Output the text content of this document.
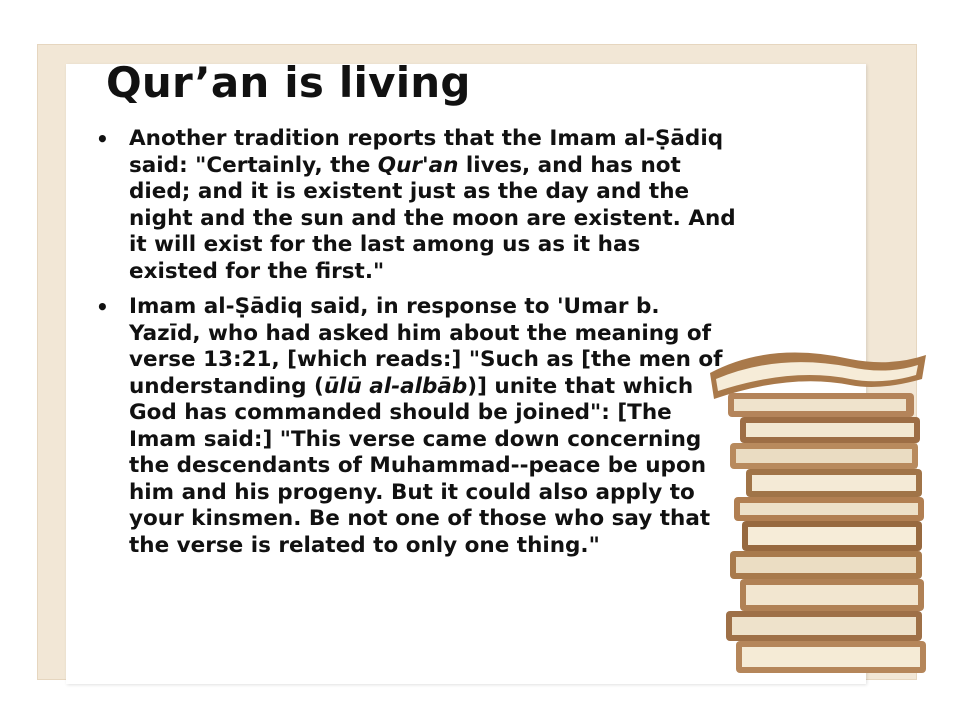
Qur’an is living
• Another tradition reports that the Imam al-Ṣādiq said: "Certainly, the Qur'an lives, and has not died; and it is existent just as the day and the night and the sun and the moon are existent. And it will exist for the last among us as it has existed for the first."
• Imam al-Ṣādiq said, in response to 'Umar b. Yazīd, who had asked him about the meaning of verse 13:21, [which reads:] "Such as [the men of understanding (ūlū al-albāb)] unite that which God has commanded should be joined": [The Imam said:] "This verse came down concerning the descendants of Muhammad--peace be upon him and his progeny. But it could also apply to your kinsmen. Be not one of those who say that the verse is related to only one thing."
